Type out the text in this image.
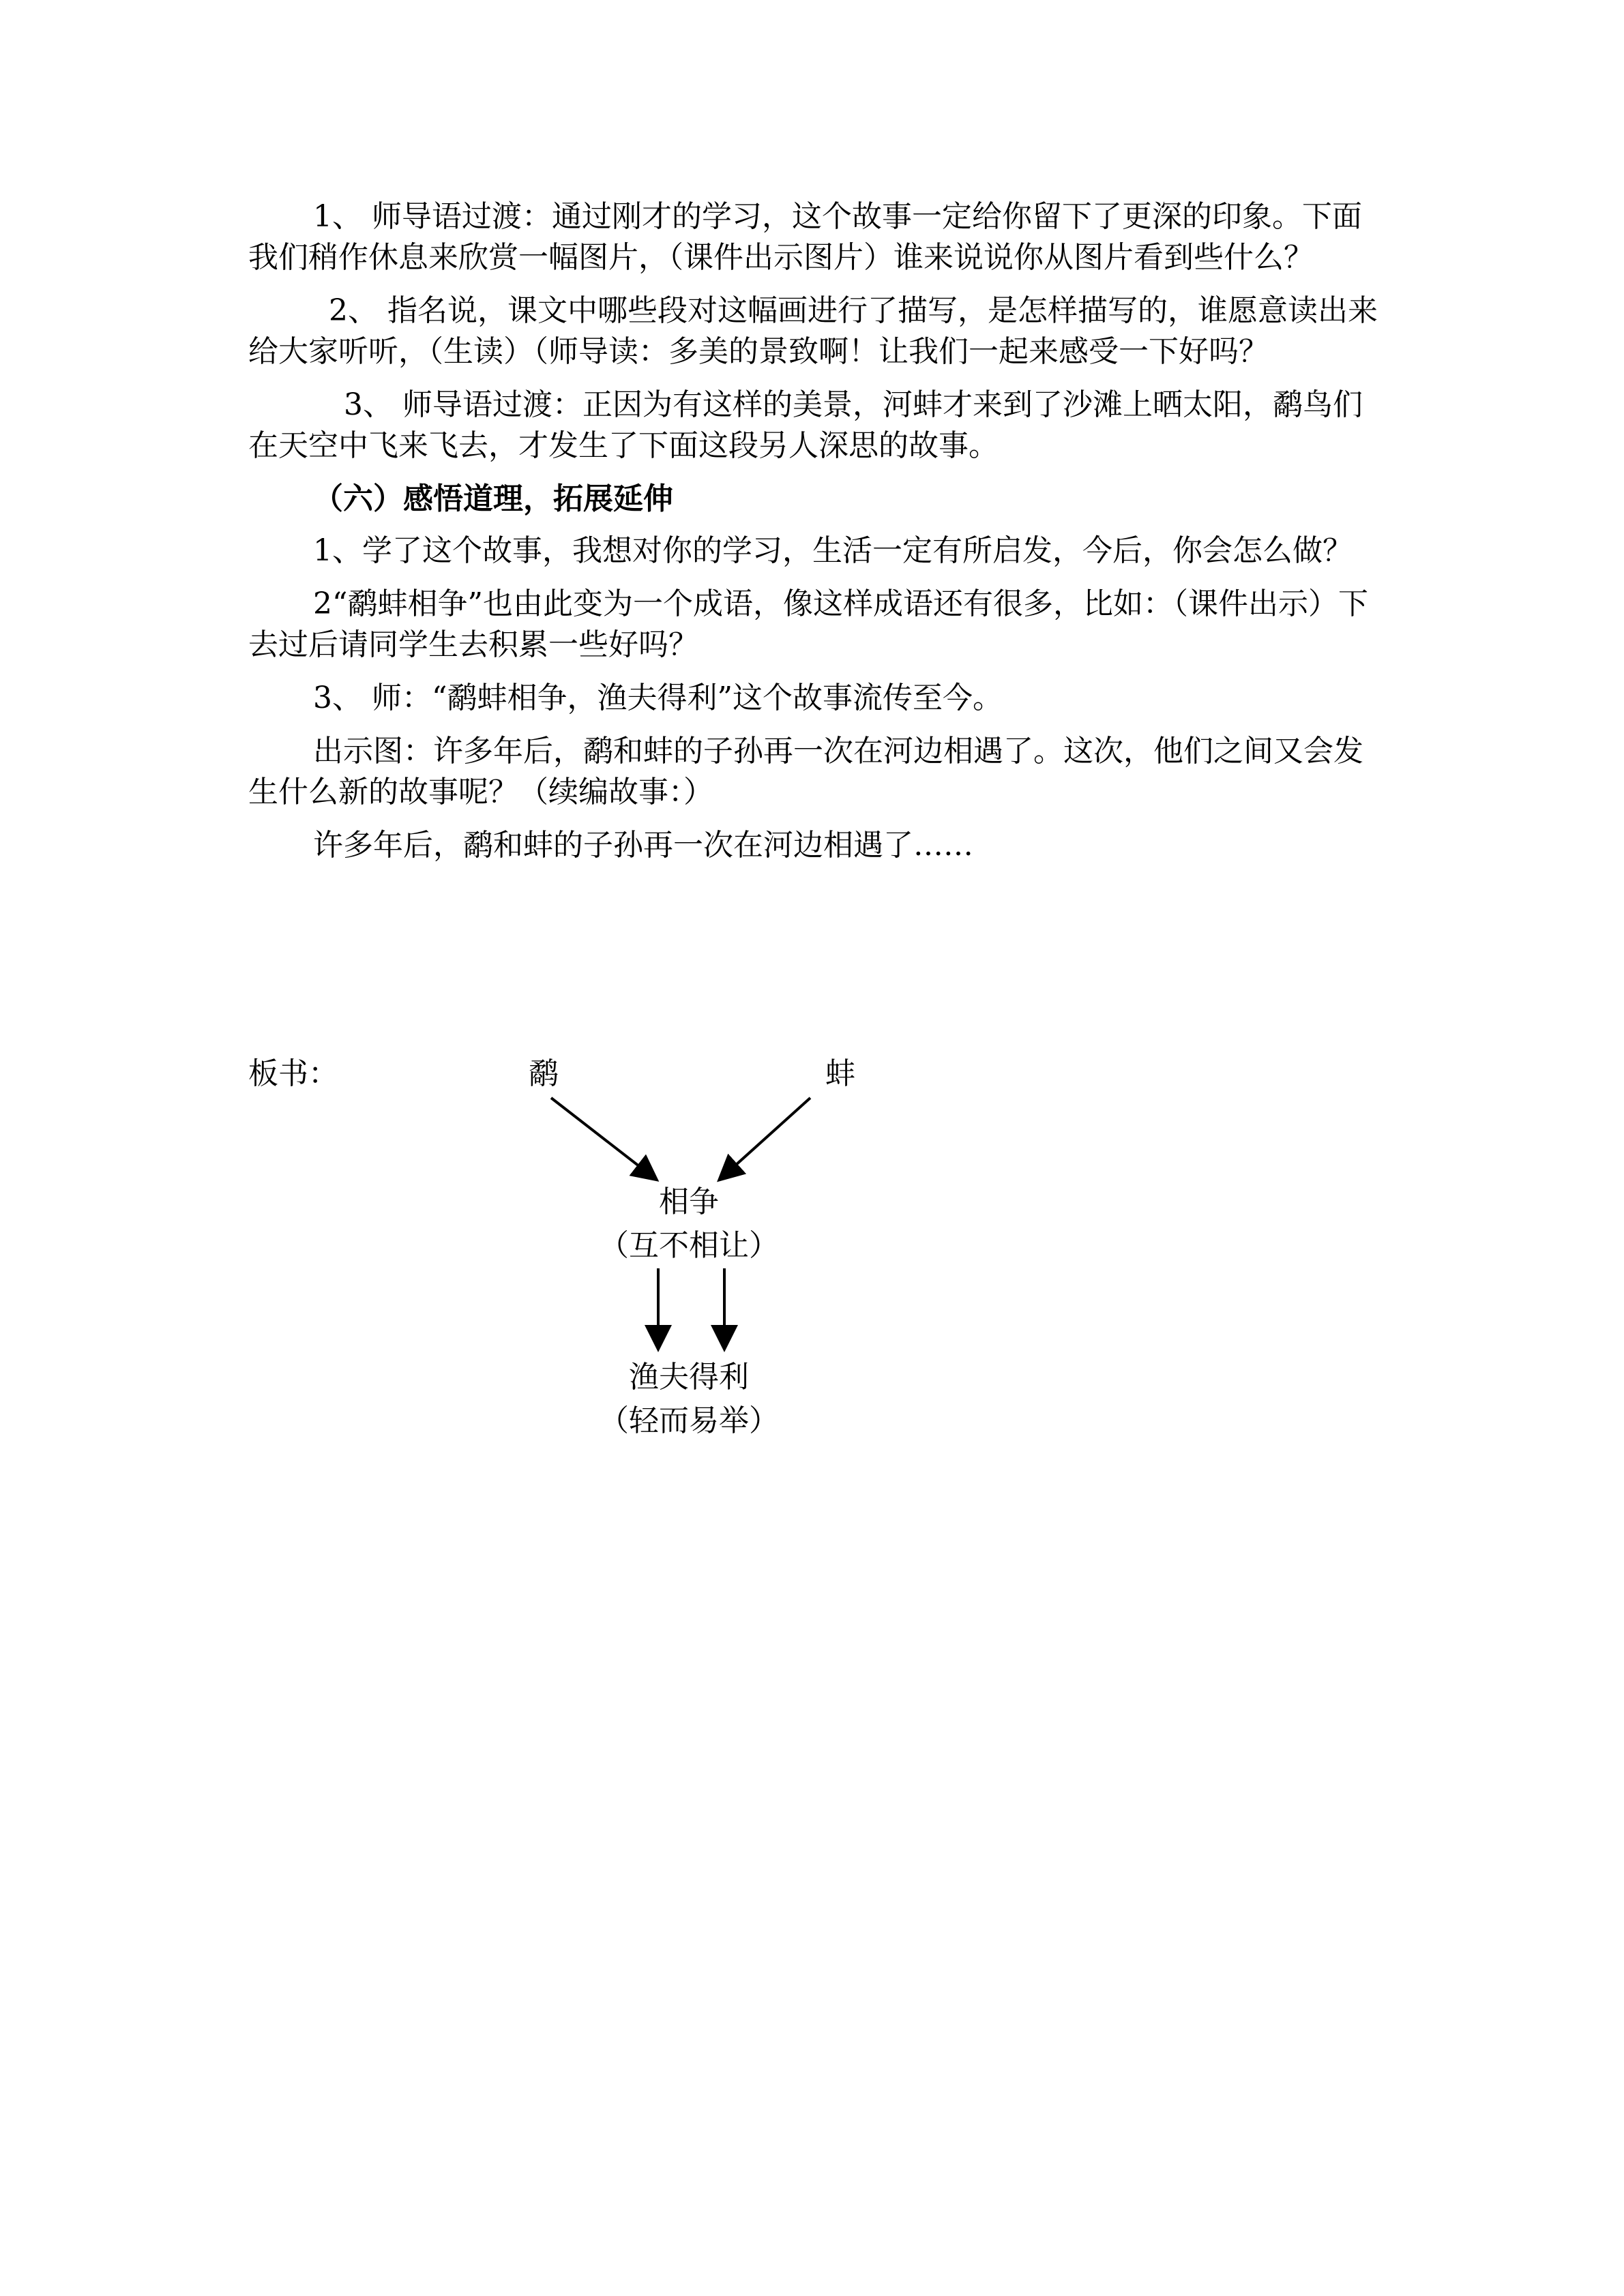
1、 师导语过渡：通过刚才的学习，这个故事一定给你留下了更深的印象。下面我们稍作休息来欣赏一幅图片，（课件出示图片）谁来说说你从图片看到些什么？

2、 指名说，课文中哪些段对这幅画进行了描写，是怎样描写的，谁愿意读出来给大家听听，（生读）（师导读：多美的景致啊！让我们一起来感受一下好吗？

3、 师导语过渡：正因为有这样的美景，河蚌才来到了沙滩上晒太阳，鹬鸟们在天空中飞来飞去，才发生了下面这段另人深思的故事。

（六）感悟道理，拓展延伸

1、学了这个故事，我想对你的学习，生活一定有所启发，今后，你会怎么做？

2“鹬蚌相争”也由此变为一个成语，像这样成语还有很多，比如：（课件出示）下去过后请同学生去积累一些好吗？

3、 师：“鹬蚌相争，渔夫得利”这个故事流传至今。

出示图：许多年后，鹬和蚌的子孙再一次在河边相遇了。这次，他们之间又会发生什么新的故事呢？（续编故事：）

许多年后，鹬和蚌的子孙再一次在河边相遇了……

板书：	鹬	蚌
相争
（互不相让）
渔夫得利
（轻而易举）
